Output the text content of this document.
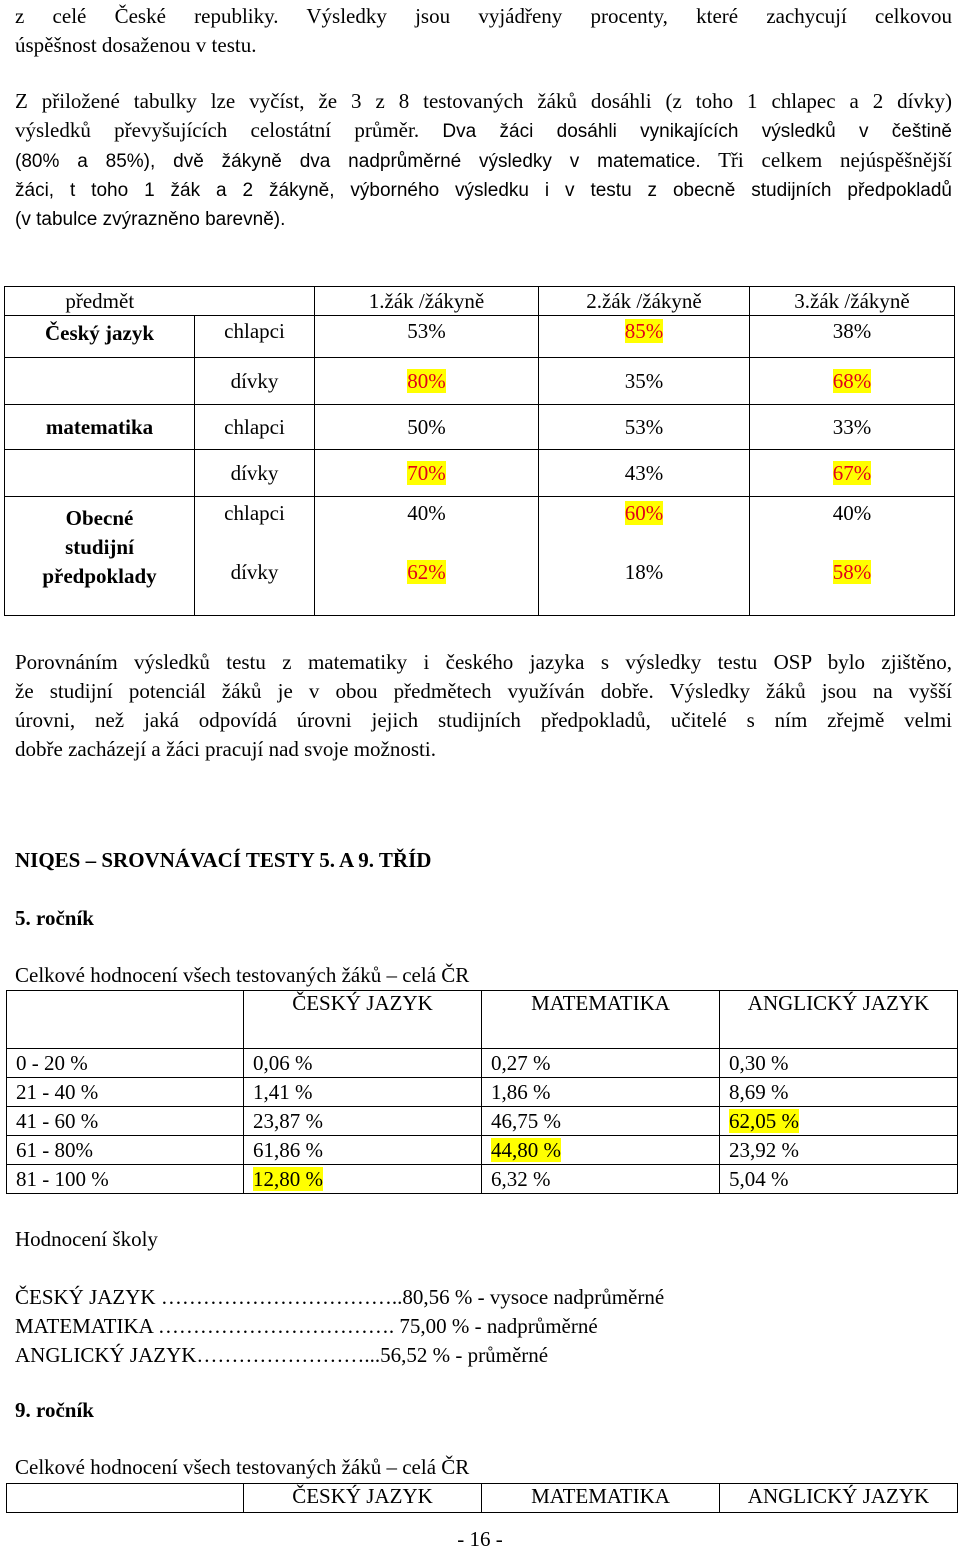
z celé České republiky. Výsledky jsou vyjádřeny procenty, které zachycují celkovou
úspěšnost dosaženou v testu.
Z přiložené tabulky lze vyčíst, že 3 z 8 testovaných žáků dosáhli (z toho 1 chlapec a 2 dívky)
výsledků převyšujících celostátní průměr. Dva žáci dosáhli vynikajících výsledků v češtině
(80% a 85%), dvě žákyně dva nadprůměrné výsledky v matematice. Tři celkem nejúspěšnější
žáci, t toho 1 žák a 2 žákyně, výborného výsledku i v testu z obecně studijních předpokladů
(v tabulce zvýrazněno barevně).
předmět		1.žák /žákyně	2.žák /žákyně	3.žák /žákyně
Český jazyk	chlapci	53%	85%	38%
	dívky	80%	35%	68%
matematika	chlapci	50%	53%	33%
	dívky	70%	43%	67%

Obecné
studijní
předpoklady	chlapci	40%	60%	40%
	dívky	62%	18%	58%
Porovnáním výsledků testu z matematiky i českého jazyka s výsledky testu OSP bylo zjištěno,
že studijní potenciál žáků je v obou předmětech využíván dobře. Výsledky žáků jsou na vyšší
úrovni, než jaká odpovídá úrovni jejich studijních předpokladů, učitelé s ním zřejmě velmi
dobře zacházejí a žáci pracují nad svoje možnosti.
NIQES – SROVNÁVACÍ TESTY 5. A 9. TŘÍD
5. ročník
Celkové hodnocení všech testovaných žáků – celá ČR
	ČESKÝ JAZYK	MATEMATIKA	ANGLICKÝ JAZYK
0 - 20 %	0,06 %	0,27 %	0,30 %
21 - 40 %	1,41 %	1,86 %	8,69 %
41 - 60 %	23,87 %	46,75 %	62,05 %
61 - 80%	61,86 %	44,80 %	23,92 %
81 - 100 %	12,80 %	6,32 %	5,04 %
Hodnocení školy
ČESKÝ JAZYK ……………………………..80,56 % - vysoce nadprůměrné
MATEMATIKA ……………………………. 75,00 % - nadprůměrné
ANGLICKÝ JAZYK……………………...56,52 % - průměrné
9. ročník
Celkové hodnocení všech testovaných žáků – celá ČR
	ČESKÝ JAZYK	MATEMATIKA	ANGLICKÝ JAZYK
- 16 -
